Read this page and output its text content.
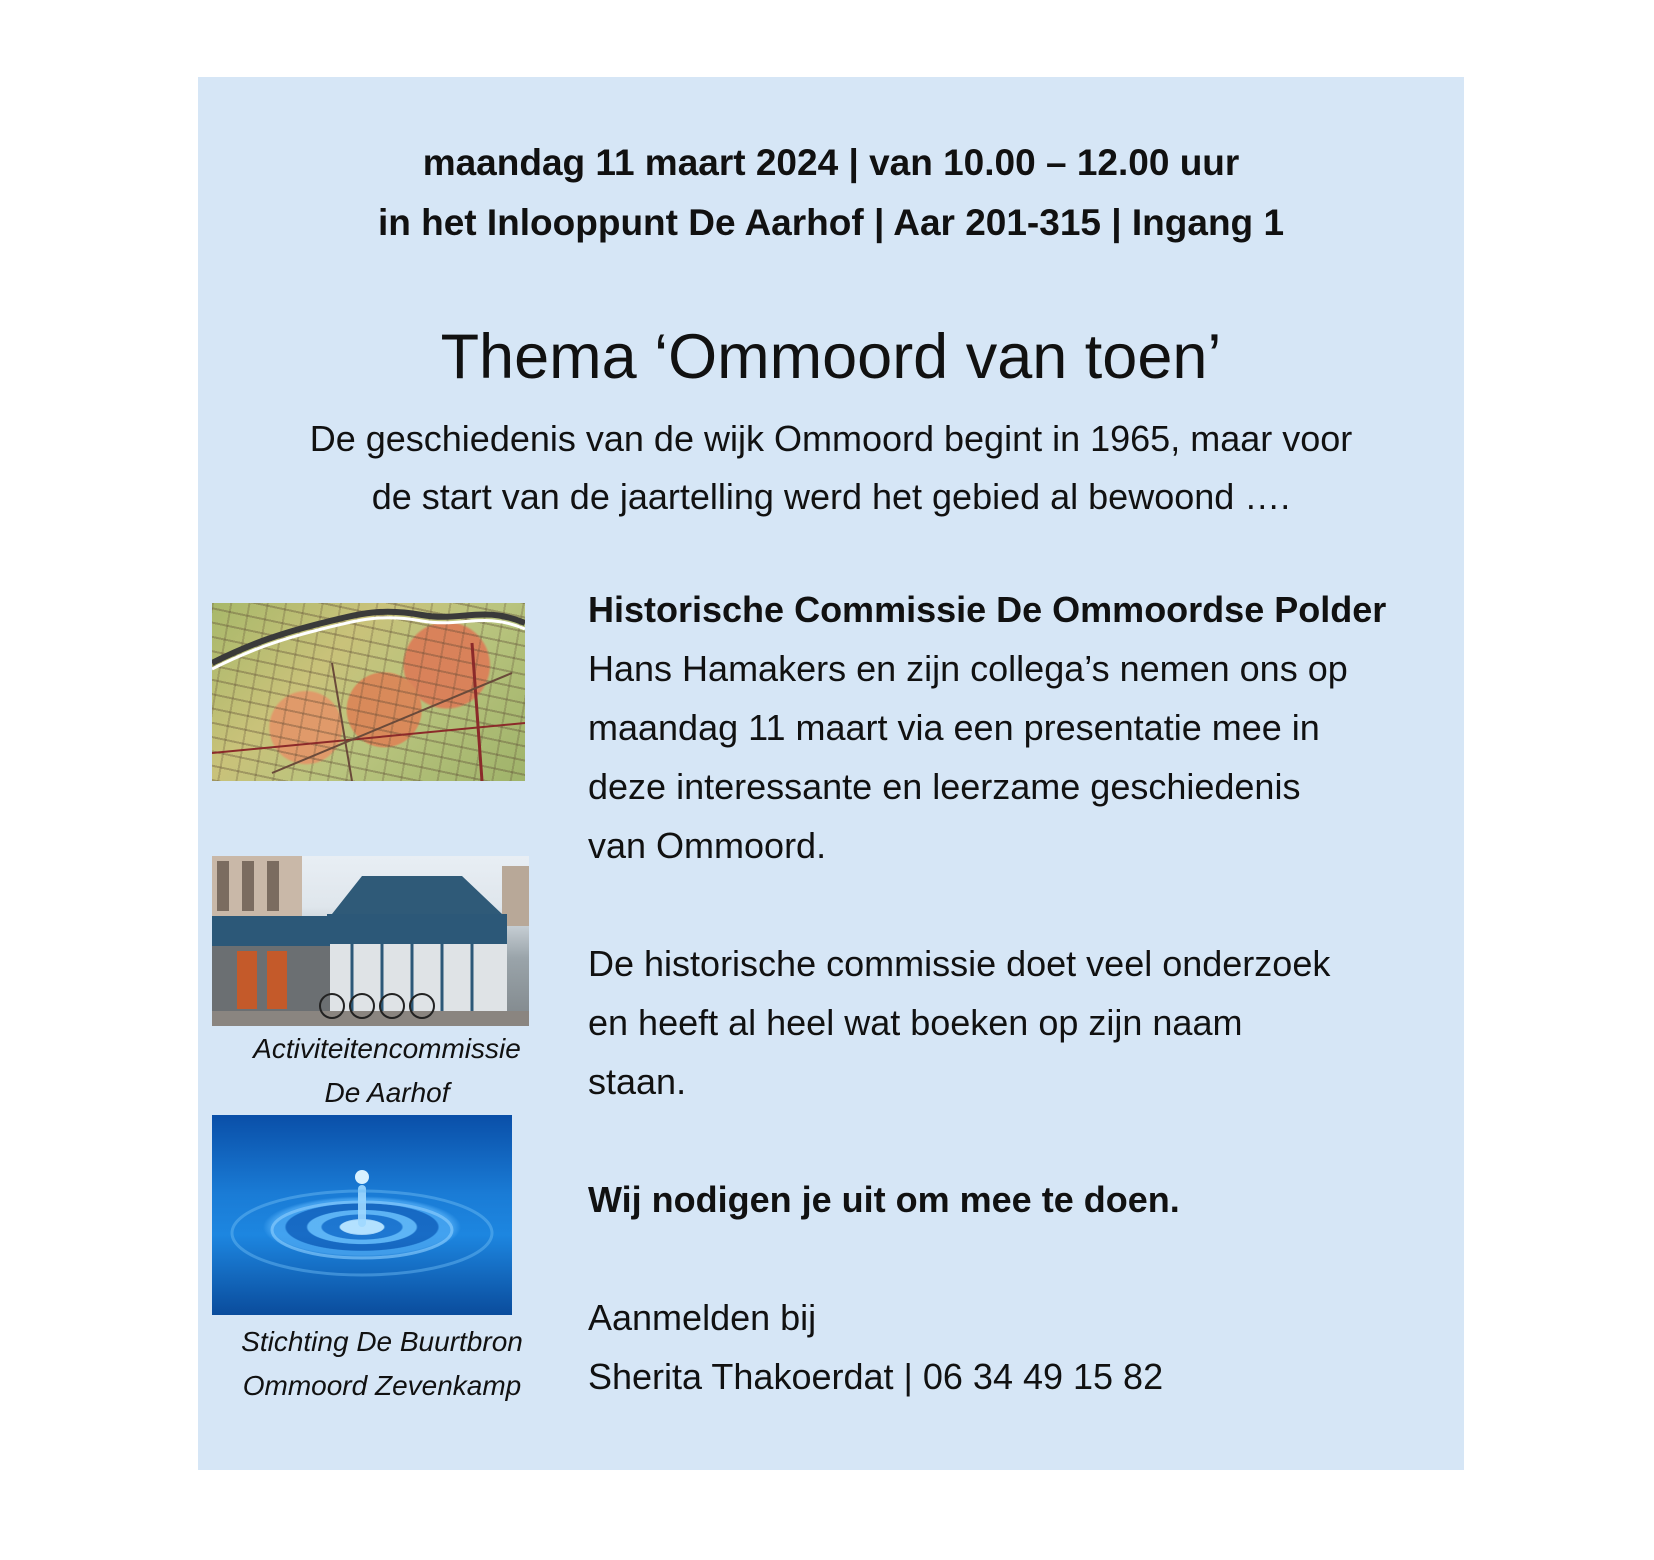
maandag 11 maart 2024 | van 10.00 – 12.00 uur
in het Inlooppunt De Aarhof | Aar 201-315 | Ingang 1
Thema ‘Ommoord van toen’
De geschiedenis van de wijk Ommoord begint in 1965, maar voor
de start van de jaartelling werd het gebied al bewoond ….
Activiteitencommissie
De Aarhof
Stichting De Buurtbron
Ommoord Zevenkamp
Historische Commissie De Ommoordse Polder
Hans Hamakers en zijn collega’s nemen ons op
maandag 11 maart via een presentatie mee in
deze interessante en leerzame geschiedenis
van Ommoord.
De historische commissie doet veel onderzoek
en heeft al heel wat boeken op zijn naam
staan.
Wij nodigen je uit om mee te doen.
Aanmelden bij
Sherita Thakoerdat | 06 34 49 15 82
